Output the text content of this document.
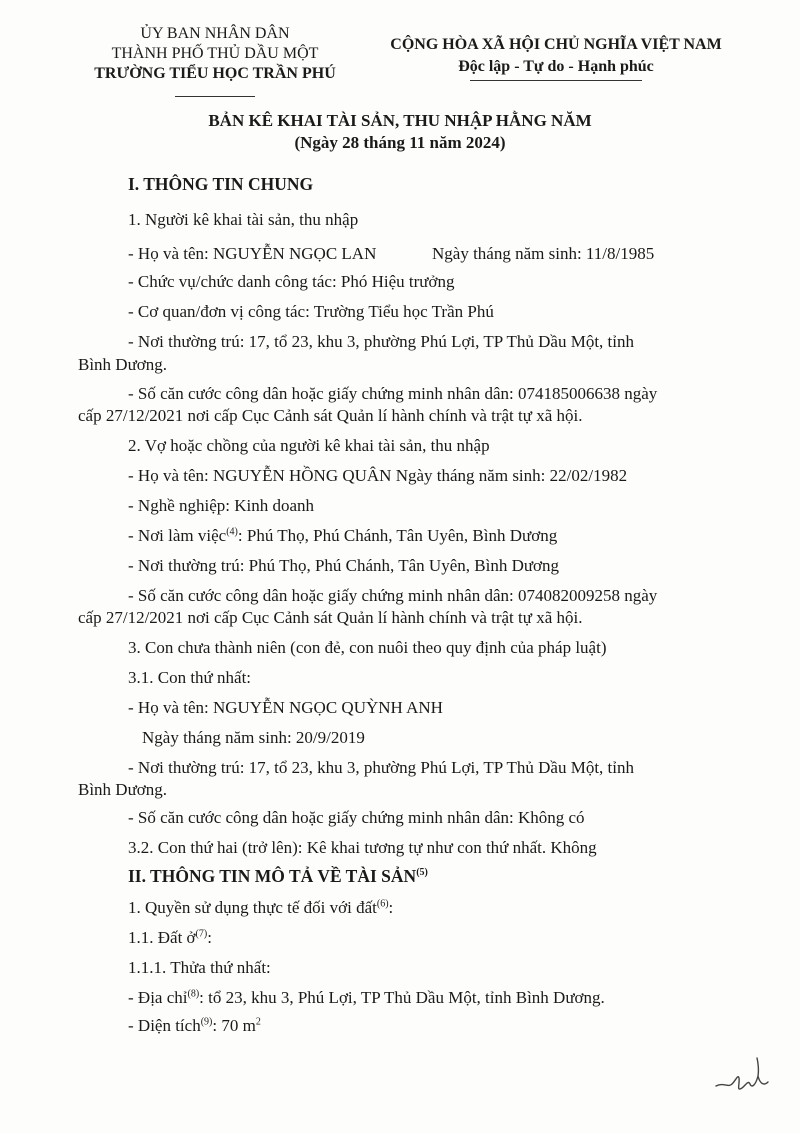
ỦY BAN NHÂN DÂN
THÀNH PHỐ THỦ DẦU MỘT
TRƯỜNG TIỂU HỌC TRẦN PHÚ
CỘNG HÒA XÃ HỘI CHỦ NGHĨA VIỆT NAM
Độc lập - Tự do - Hạnh phúc
BẢN KÊ KHAI TÀI SẢN, THU NHẬP HẰNG NĂM
(Ngày 28 tháng 11 năm 2024)
I. THÔNG TIN CHUNG
1. Người kê khai tài sản, thu nhập
- Họ và tên: NGUYỄN NGỌC LAN	Ngày tháng năm sinh: 11/8/1985
- Chức vụ/chức danh công tác: Phó Hiệu trưởng
- Cơ quan/đơn vị công tác: Trường Tiểu học Trần Phú
- Nơi thường trú: 17, tổ 23, khu 3, phường Phú Lợi, TP Thủ Dầu Một, tỉnh
Bình Dương.
- Số căn cước công dân hoặc giấy chứng minh nhân dân: 074185006638 ngày
cấp 27/12/2021 nơi cấp Cục Cảnh sát Quản lí hành chính và trật tự xã hội.
2. Vợ hoặc chồng của người kê khai tài sản, thu nhập
- Họ và tên: NGUYỄN HỒNG QUÂN Ngày tháng năm sinh: 22/02/1982
- Nghề nghiệp: Kinh doanh
- Nơi làm việc$^{(4)}$: Phú Thọ, Phú Chánh, Tân Uyên, Bình Dương
- Nơi thường trú: Phú Thọ, Phú Chánh, Tân Uyên, Bình Dương
- Số căn cước công dân hoặc giấy chứng minh nhân dân: 074082009258 ngày
cấp 27/12/2021 nơi cấp Cục Cảnh sát Quản lí hành chính và trật tự xã hội.
3. Con chưa thành niên (con đẻ, con nuôi theo quy định của pháp luật)
3.1. Con thứ nhất:
- Họ và tên: NGUYỄN NGỌC QUỲNH ANH
Ngày tháng năm sinh: 20/9/2019
- Nơi thường trú: 17, tổ 23, khu 3, phường Phú Lợi, TP Thủ Dầu Một, tỉnh
Bình Dương.
- Số căn cước công dân hoặc giấy chứng minh nhân dân: Không có
3.2. Con thứ hai (trở lên): Kê khai tương tự như con thứ nhất. Không
II. THÔNG TIN MÔ TẢ VỀ TÀI SẢN$^{(5)}$
1. Quyền sử dụng thực tế đối với đất$^{(6)}$:
1.1. Đất ở$^{(7)}$:
1.1.1. Thửa thứ nhất:
- Địa chỉ$^{(8)}$: tổ 23, khu 3, Phú Lợi, TP Thủ Dầu Một, tỉnh Bình Dương.
- Diện tích$^{(9)}$: 70 $m^2$
